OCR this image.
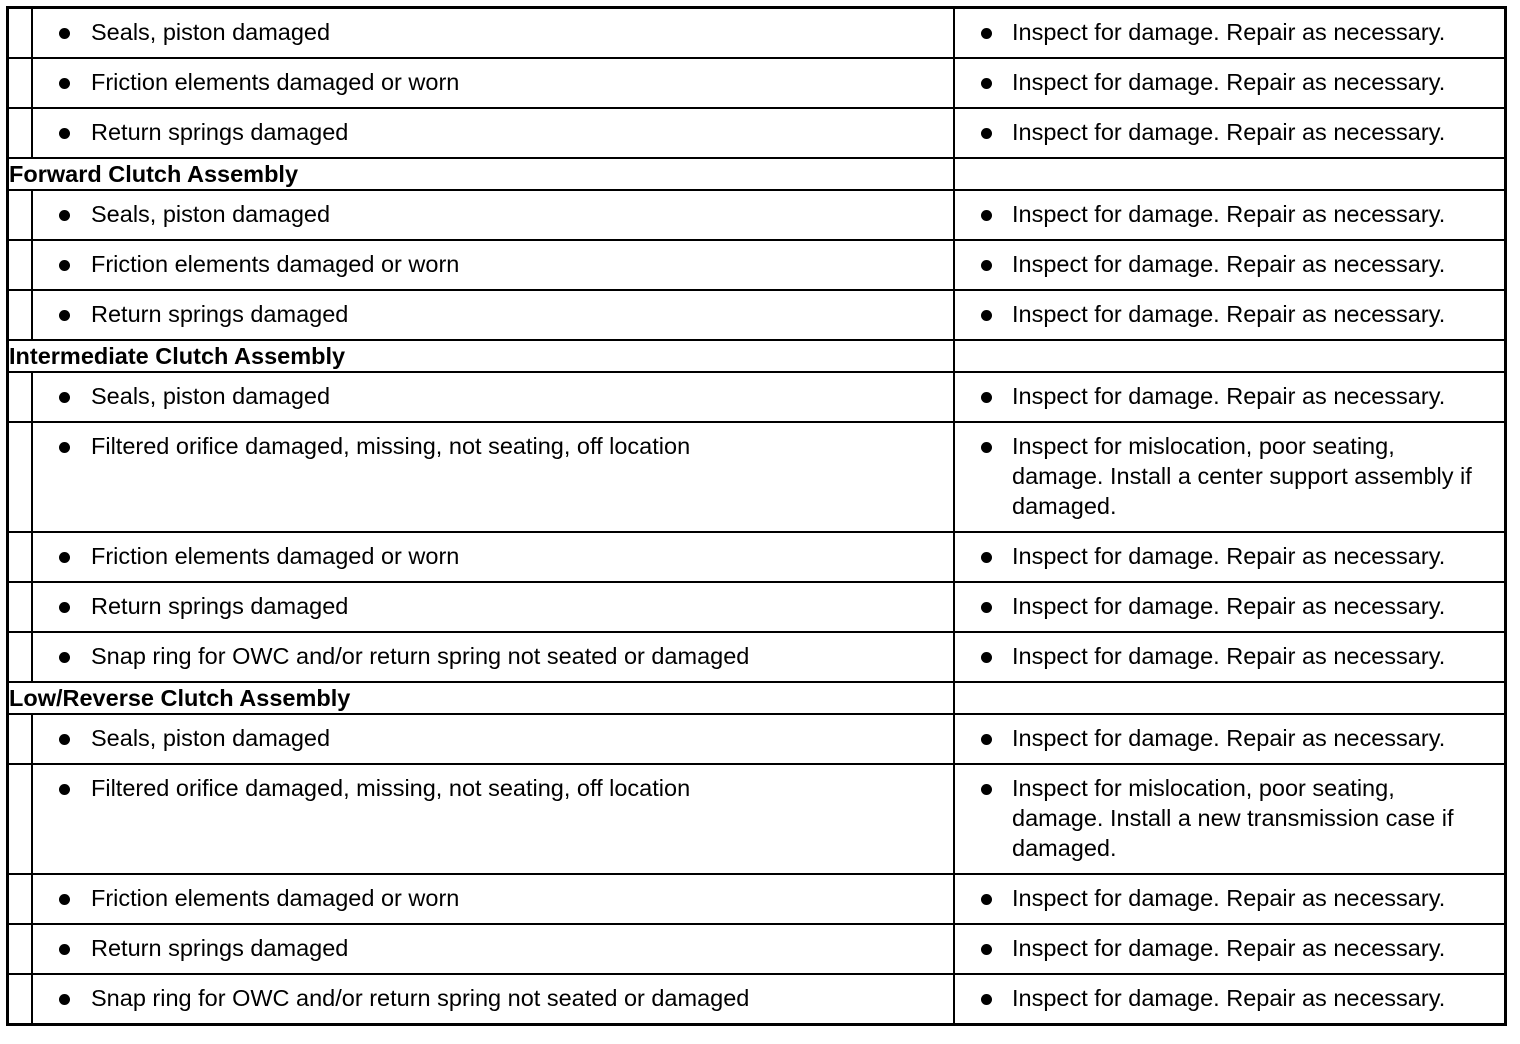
Seals, piston damaged	Inspect for damage. Repair as necessary.

Friction elements damaged or worn	Inspect for damage. Repair as necessary.

Return springs damaged	Inspect for damage. Repair as necessary.

Forward Clutch Assembly		

Seals, piston damaged	Inspect for damage. Repair as necessary.

Friction elements damaged or worn	Inspect for damage. Repair as necessary.

Return springs damaged	Inspect for damage. Repair as necessary.

Intermediate Clutch Assembly		

Seals, piston damaged	Inspect for damage. Repair as necessary.

Filtered orifice damaged, missing, not seating, off location	Inspect for mislocation, poor seating, damage. Install a center support assembly if damaged.

Friction elements damaged or worn	Inspect for damage. Repair as necessary.

Return springs damaged	Inspect for damage. Repair as necessary.

Snap ring for OWC and/or return spring not seated or damaged	Inspect for damage. Repair as necessary.

Low/Reverse Clutch Assembly		

Seals, piston damaged	Inspect for damage. Repair as necessary.

Filtered orifice damaged, missing, not seating, off location	Inspect for mislocation, poor seating, damage. Install a new transmission case if damaged.

Friction elements damaged or worn	Inspect for damage. Repair as necessary.

Return springs damaged	Inspect for damage. Repair as necessary.

Snap ring for OWC and/or return spring not seated or damaged	Inspect for damage. Repair as necessary.
